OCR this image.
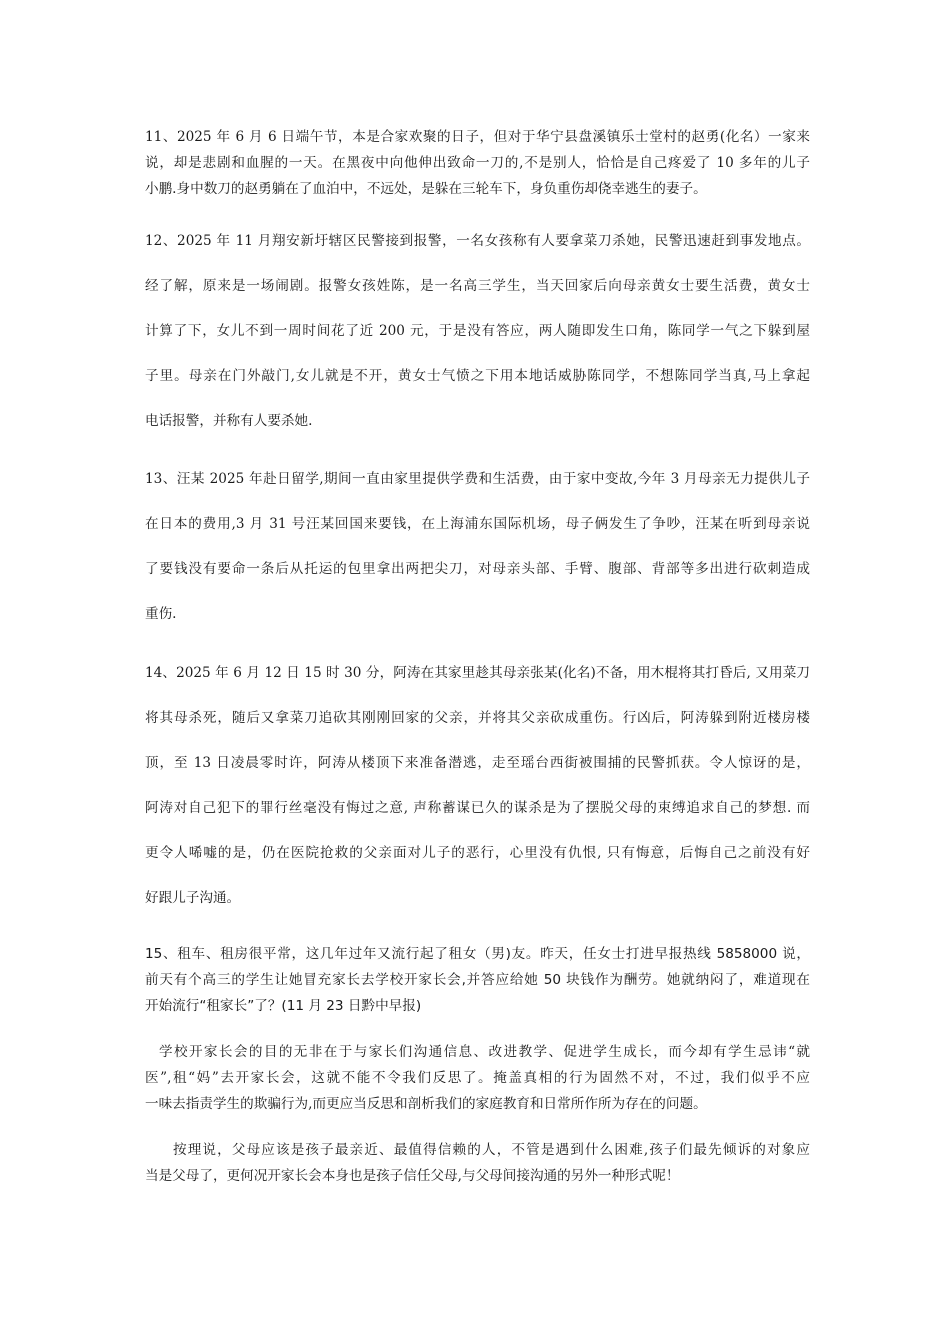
11、2025 年 6 月 6 日端午节，本是合家欢聚的日子，但对于华宁县盘溪镇乐士堂村的赵勇(化名）一家来
说，却是悲剧和血腥的一天。在黑夜中向他伸出致命一刀的,不是别人，恰恰是自己疼爱了 10 多年的儿子
小鹏.身中数刀的赵勇躺在了血泊中，不远处，是躲在三轮车下，身负重伤却侥幸逃生的妻子。
12、2025 年 11 月翔安新圩辖区民警接到报警，一名女孩称有人要拿菜刀杀她，民警迅速赶到事发地点。
经了解，原来是一场闹剧。报警女孩姓陈，是一名高三学生，当天回家后向母亲黄女士要生活费，黄女士
计算了下，女儿不到一周时间花了近 200 元，于是没有答应，两人随即发生口角，陈同学一气之下躲到屋
子里。母亲在门外敲门,女儿就是不开，黄女士气愤之下用本地话威胁陈同学，不想陈同学当真,马上拿起
电话报警，并称有人要杀她.
13、汪某 2025 年赴日留学,期间一直由家里提供学费和生活费，由于家中变故,今年 3 月母亲无力提供儿子
在日本的费用,3 月 31 号汪某回国来要钱，在上海浦东国际机场，母子俩发生了争吵，汪某在听到母亲说
了要钱没有要命一条后从托运的包里拿出两把尖刀，对母亲头部、手臂、腹部、背部等多出进行砍刺造成
重伤.
14、2025 年 6 月 12 日 15 时 30 分，阿涛在其家里趁其母亲张某(化名)不备，用木棍将其打昏后, 又用菜刀
将其母杀死，随后又拿菜刀追砍其刚刚回家的父亲，并将其父亲砍成重伤。行凶后，阿涛躲到附近楼房楼
顶，至 13 日凌晨零时许，阿涛从楼顶下来准备潜逃，走至瑶台西街被围捕的民警抓获。令人惊讶的是，
阿涛对自己犯下的罪行丝毫没有悔过之意, 声称蓄谋已久的谋杀是为了摆脱父母的束缚追求自己的梦想. 而
更令人唏嘘的是，仍在医院抢救的父亲面对儿子的恶行，心里没有仇恨, 只有悔意，后悔自己之前没有好
好跟儿子沟通。
15、租车、租房很平常，这几年过年又流行起了租女（男)友。昨天，任女士打进早报热线 5858000 说，
前天有个高三的学生让她冒充家长去学校开家长会,并答应给她 50 块钱作为酬劳。她就纳闷了，难道现在
开始流行“租家长”了？(11 月 23 日黔中早报)
学校开家长会的目的无非在于与家长们沟通信息、改进教学、促进学生成长，而今却有学生忌讳“就
医”,租“妈”去开家长会，这就不能不令我们反思了。掩盖真相的行为固然不对，不过，我们似乎不应
一味去指责学生的欺骗行为,而更应当反思和剖析我们的家庭教育和日常所作所为存在的问题。
按理说，父母应该是孩子最亲近、最值得信赖的人，不管是遇到什么困难,孩子们最先倾诉的对象应
当是父母了，更何况开家长会本身也是孩子信任父母,与父母间接沟通的另外一种形式呢！
